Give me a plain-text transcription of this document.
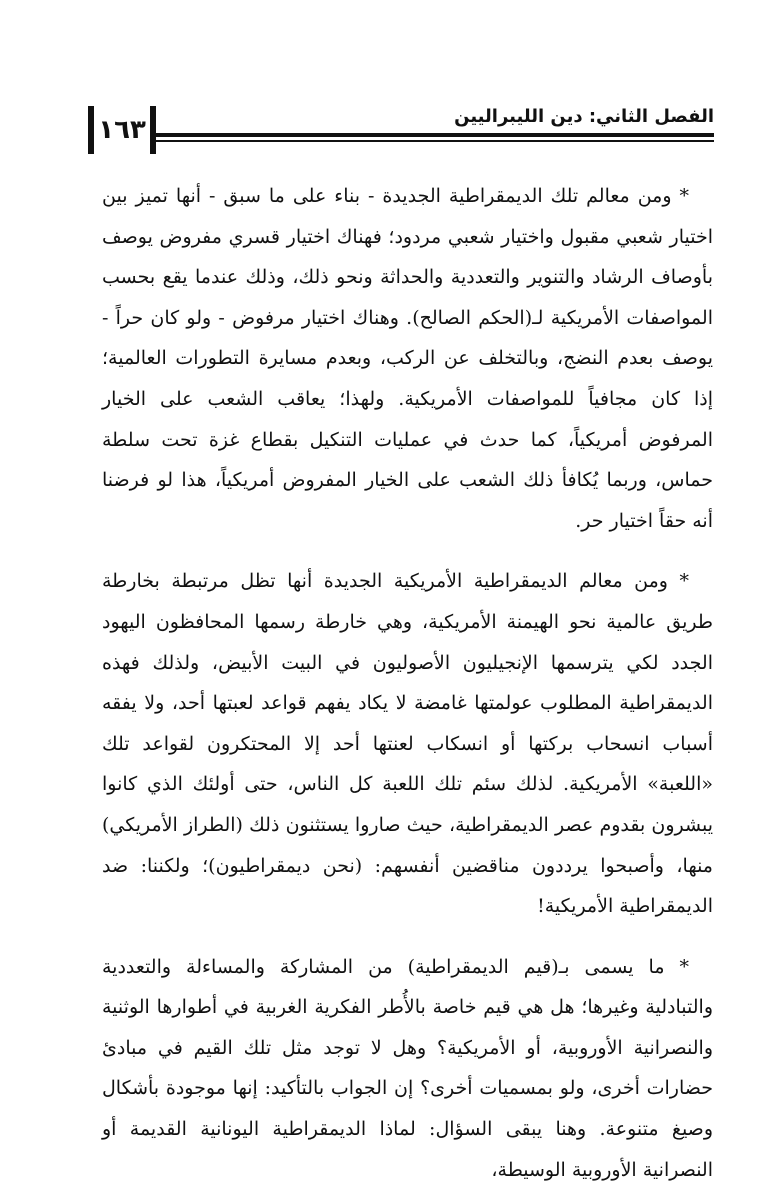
الفصل الثاني: دين الليبراليين
١٦٣

* ومن معالم تلك الديمقراطية الجديدة - بناء على ما سبق - أنها تميز بين اختيار شعبي مقبول واختيار شعبي مردود؛ فهناك اختيار قسري مفروض يوصف بأوصاف الرشاد والتنوير والتعددية والحداثة ونحو ذلك، وذلك عندما يقع بحسب المواصفات الأمريكية لـ(الحكم الصالح). وهناك اختيار مرفوض - ولو كان حراً - يوصف بعدم النضج، وبالتخلف عن الركب، وبعدم مسايرة التطورات العالمية؛ إذا كان مجافياً للمواصفات الأمريكية. ولهذا؛ يعاقب الشعب على الخيار المرفوض أمريكياً، كما حدث في عمليات التنكيل بقطاع غزة تحت سلطة حماس، وربما يُكافأ ذلك الشعب على الخيار المفروض أمريكياً، هذا لو فرضنا أنه حقاً اختيار حر.

* ومن معالم الديمقراطية الأمريكية الجديدة أنها تظل مرتبطة بخارطة طريق عالمية نحو الهيمنة الأمريكية، وهي خارطة رسمها المحافظون اليهود الجدد لكي يترسمها الإنجيليون الأصوليون في البيت الأبيض، ولذلك فهذه الديمقراطية المطلوب عولمتها غامضة لا يكاد يفهم قواعد لعبتها أحد، ولا يفقه أسباب انسحاب بركتها أو انسكاب لعنتها أحد إلا المحتكرون لقواعد تلك «اللعبة» الأمريكية. لذلك سئم تلك اللعبة كل الناس، حتى أولئك الذي كانوا يبشرون بقدوم عصر الديمقراطية، حيث صاروا يستثنون ذلك (الطراز الأمريكي) منها، وأصبحوا يرددون مناقضين أنفسهم: (نحن ديمقراطيون)؛ ولكننا: ضد الديمقراطية الأمريكية!

* ما يسمى بـ(قيم الديمقراطية) من المشاركة والمساءلة والتعددية والتبادلية وغيرها؛ هل هي قيم خاصة بالأُطر الفكرية الغربية في أطوارها الوثنية والنصرانية الأوروبية، أو الأمريكية؟ وهل لا توجد مثل تلك القيم في مبادئ حضارات أخرى، ولو بمسميات أخرى؟ إن الجواب بالتأكيد: إنها موجودة بأشكال وصيغ متنوعة. وهنا يبقى السؤال: لماذا الديمقراطية اليونانية القديمة أو النصرانية الأوروبية الوسيطة،
